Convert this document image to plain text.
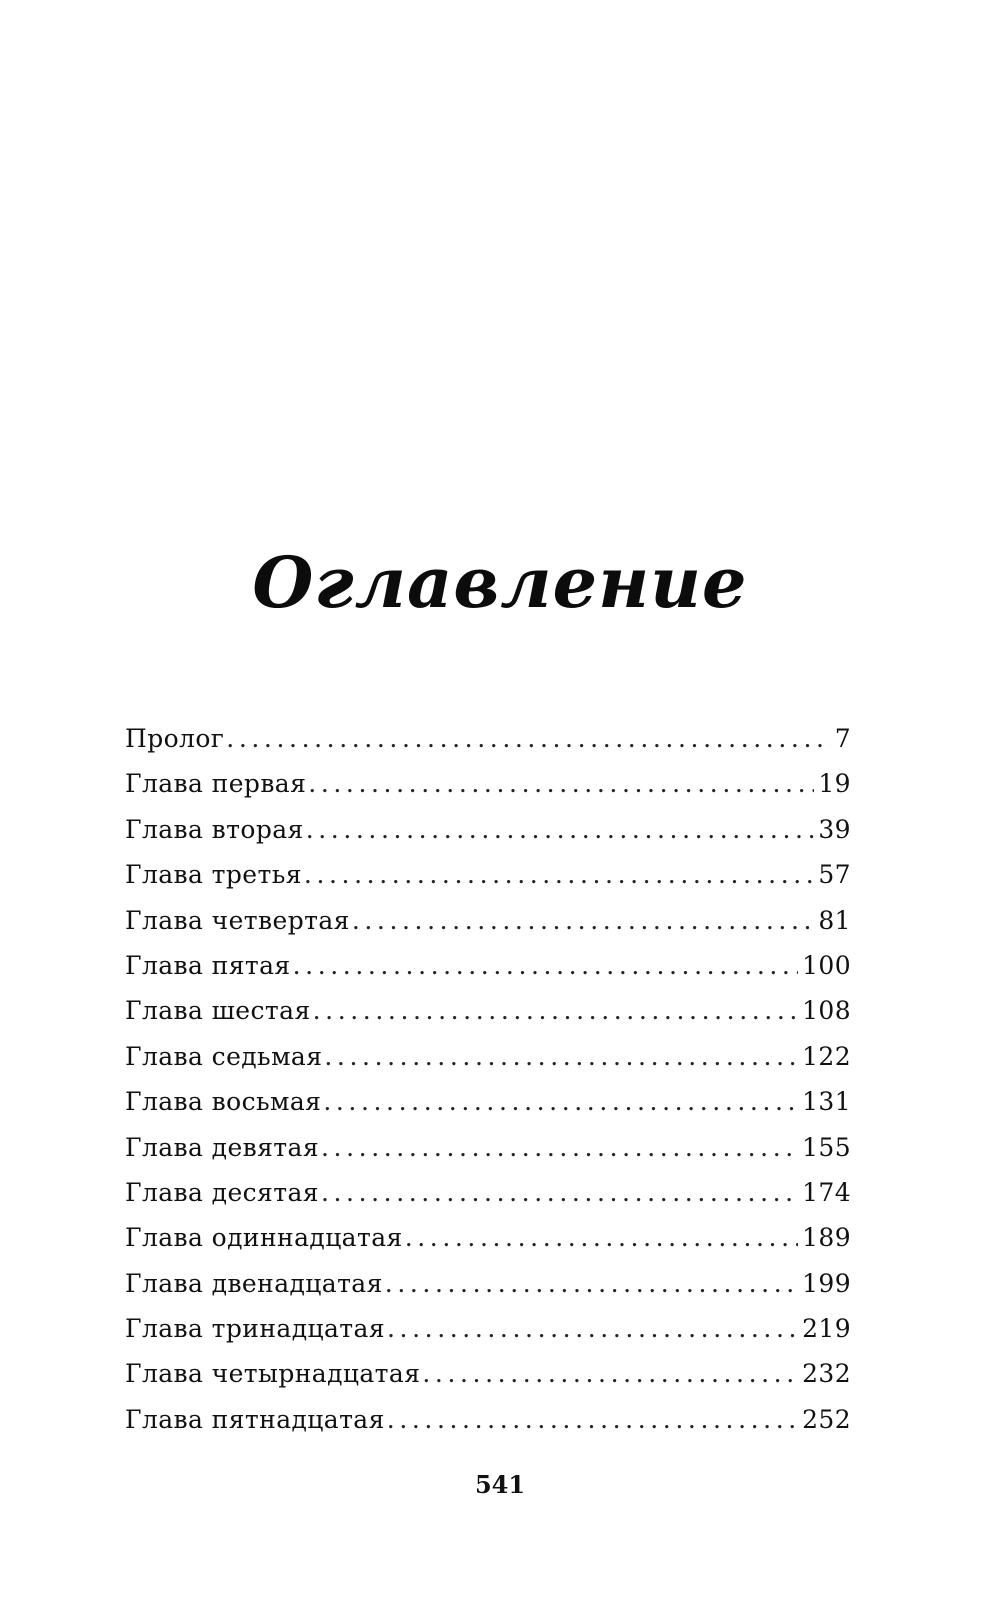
Оглавление
Пролог .....	7
Глава первая .....	19
Глава вторая .....	39
Глава третья .....	57
Глава четвертая .....	81
Глава пятая .....	100
Глава шестая .....	108
Глава седьмая .....	122
Глава восьмая .....	131
Глава девятая .....	155
Глава десятая .....	174
Глава одиннадцатая .....	189
Глава двенадцатая .....	199
Глава тринадцатая .....	219
Глава четырнадцатая .....	232
Глава пятнадцатая .....	252
541
